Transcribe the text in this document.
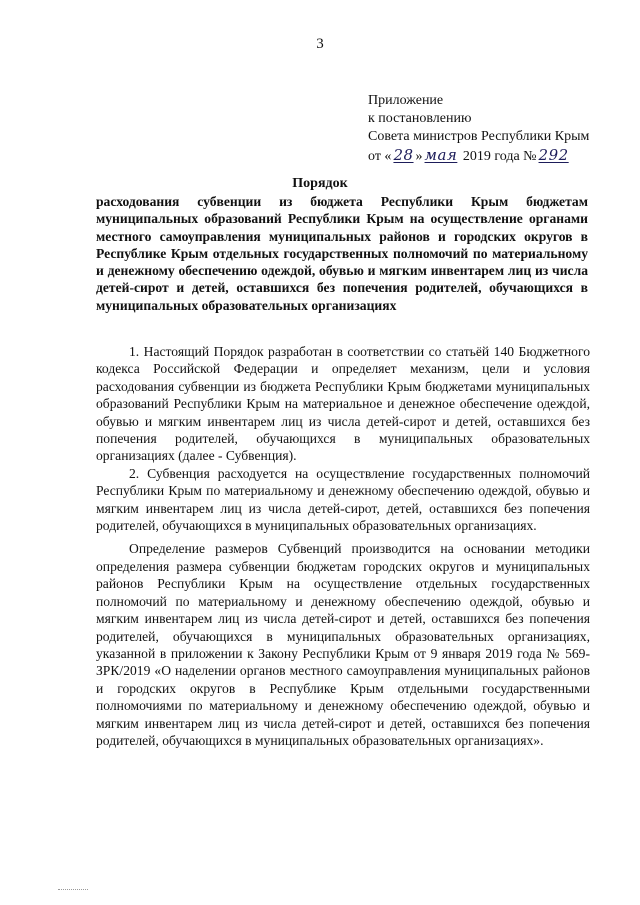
3
Приложение
к постановлению
Совета министров Республики Крым
от « 28 » мая 2019 года № 292
Порядок
расходования субвенции из бюджета Республики Крым бюджетам муниципальных образований Республики Крым на осуществление органами местного самоуправления муниципальных районов и городских округов в Республике Крым отдельных государственных полномочий по материальному и денежному обеспечению одеждой, обувью и мягким инвентарем лиц из числа детей-сирот и детей, оставшихся без попечения родителей, обучающихся в муниципальных образовательных организациях

1. Настоящий Порядок разработан в соответствии со статьёй 140 Бюджетного кодекса Российской Федерации и определяет механизм, цели и условия расходования субвенции из бюджета Республики Крым бюджетами муниципальных образований Республики Крым на материальное и денежное обеспечение одеждой, обувью и мягким инвентарем лиц из числа детей-сирот и детей, оставшихся без попечения родителей, обучающихся в муниципальных образовательных организациях (далее - Субвенция).

2. Субвенция расходуется на осуществление государственных полномочий Республики Крым по материальному и денежному обеспечению одеждой, обувью и мягким инвентарем лиц из числа детей-сирот, детей, оставшихся без попечения родителей, обучающихся в муниципальных образовательных организациях.

Определение размеров Субвенций производится на основании методики определения размера субвенции бюджетам городских округов и муниципальных районов Республики Крым на осуществление отдельных государственных полномочий по материальному и денежному обеспечению одеждой, обувью и мягким инвентарем лиц из числа детей-сирот и детей, оставшихся без попечения родителей, обучающихся в муниципальных образовательных организациях, указанной в приложении к Закону Республики Крым от 9 января 2019 года № 569-ЗРК/2019 «О наделении органов местного самоуправления муниципальных районов и городских округов в Республике Крым отдельными государственными полномочиями по материальному и денежному обеспечению одеждой, обувью и мягким инвентарем лиц из числа детей-сирот и детей, оставшихся без попечения родителей, обучающихся в муниципальных образовательных организациях».
